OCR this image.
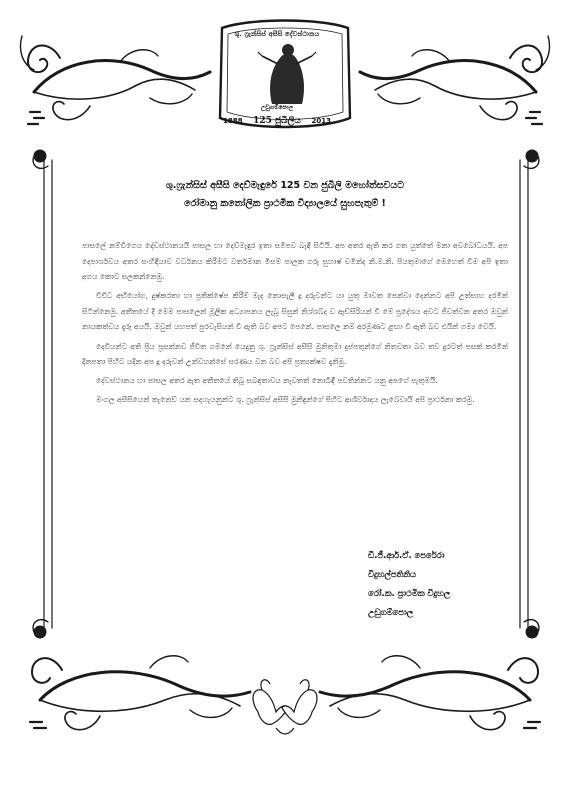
ශු. ෆ්‍රැන්සිස් අසීසි දේවස්ථානය
උඩුගම්පොල
1888 125 ජුබිලිය 2013
ශු.ෆ්‍රැන්සිස් අසීසි දෙව්මැඳුරේ 125 වන ජුබිලි මහෝත්සවයට
රෝමානු කතෝලික ප්‍රාථමික විද්‍යාලයේ සුභපැතුම් !

පාසලේ නම්විගෙය දේවස්ථානයයි පාසල හා දෙව්මැඳුර ඉතා සමීපව බැඳී සිටියි. අප අතර ඇති කර ගත යුත්තේ මනා අවබෝධයයි. අප දෙපාර්ශවය අතර සංහිඳියාව වර්ධනය කිරීමට වර්තමාන මිසම් පාලක ගරු සුහාෂ් චමින්ද නි.ම.නි. පියතුමාගේ මෙහෙත් වීම අපි ඉතා අගය කොට සලකන්නෙමු.

විවිධ අභියෝග, දුෂ්කරතා හා ප්‍රතික්ෂේප කිරීම් මැද නොසැලී දූ දරුවන්ට යා යුතු මාවත පෙන්වා දෙන්නට අපි උත්සාහ දරමින් සිටින්නෙමු. අතීතයේ දී මෙම පාසලෙන් මූලික අධ්‍යාපනය ලැබූ සිසුන් නිශ්ශබ්ද ව ඇඩ්සිරියන් වී මේ ප්‍රදේශය අවට ජීවත්වන අතර ඔවුන් නායකත්වය දැරූ අයයි. ඔවුන් යහපත් පුරවැසියන් වී ඇති බව අපට පෙනේ. පාසලෙ නම අරමුණට ළඟා වී ඇති බව එයින් ගම්‍ය වෙයි.

දෙවියන්ට අති ප්‍රිය ප්‍රසන්නව ජීවිත ගමනේ යෙදුනු ශු. ෆ්‍රැන්සිස් අසීසි මුනිතුමා දුප්පතුන්ගේ නිතවතා බව තව දුරටත් පසක් කරමින් දිනපතා පිහිට යදින අප දූ දරුවන් උන්වහන්සේ සරණය වන බව අපි ප්‍රත්‍යක්ෂව දැනිමු.

දේවස්ථානය හා පාසල අතර ඇත අතීතයේ තිබූ සබඳතාවය නැවතත් නොබිඳී පවතින්නට යනු අපගේ පැතුමයි.

මංගල අසීසියෙන් තැනෙව් යන සදහැයනුන්ට ශු. ෆ්‍රැන්සිස් අසීසි මුනිඳුන්ගේ පිහිට ආශිර්වාදය ලැබේවායි අපි ප්‍රාර්ථනා කරමු.

ඩී.ජී.ආර්.ඒ. පෙරේරා
විදුහල්පතිනිය
රෝ.ක. ප්‍රාථමික විදුහල
උඩුගම්පොල
